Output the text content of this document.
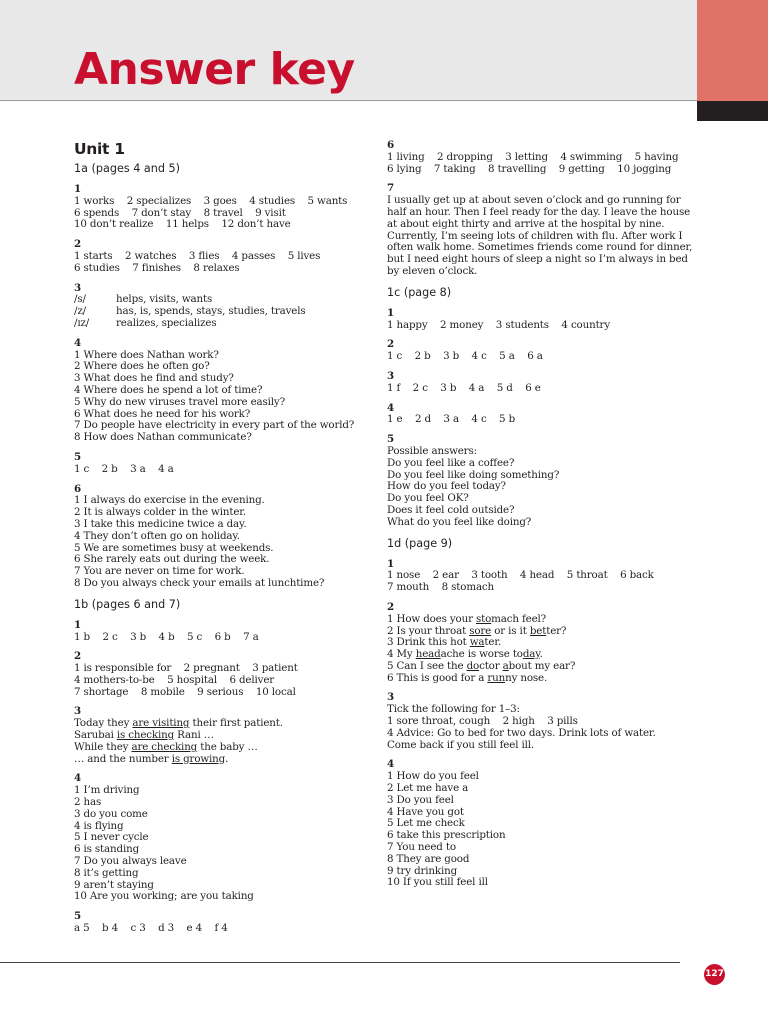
Answer key
Unit 1
1a (pages 4 and 5)
1
1 works    2 specializes    3 goes    4 studies    5 wants
6 spends    7 don’t stay    8 travel    9 visit
10 don’t realize    11 helps    12 don’t have
2
1 starts    2 watches    3 flies    4 passes    5 lives
6 studies    7 finishes    8 relaxes
3
/s/	helps, visits, wants
/z/	has, is, spends, stays, studies, travels
/ɪz/	realizes, specializes
4
1 Where does Nathan work?
2 Where does he often go?
3 What does he find and study?
4 Where does he spend a lot of time?
5 Why do new viruses travel more easily?
6 What does he need for his work?
7 Do people have electricity in every part of the world?
8 How does Nathan communicate?
5
1 c    2 b    3 a    4 a
6
1 I always do exercise in the evening.
2 It is always colder in the winter.
3 I take this medicine twice a day.
4 They don’t often go on holiday.
5 We are sometimes busy at weekends.
6 She rarely eats out during the week.
7 You are never on time for work.
8 Do you always check your emails at lunchtime?
1b (pages 6 and 7)
1
1 b    2 c    3 b    4 b    5 c    6 b    7 a
2
1 is responsible for    2 pregnant    3 patient
4 mothers-to-be    5 hospital    6 deliver
7 shortage    8 mobile    9 serious    10 local
3
Today they are visiting their first patient.
Sarubai is checking Rani …
While they are checking the baby …
… and the number is growing.
4
1 I’m driving
2 has
3 do you come
4 is flying
5 I never cycle
6 is standing
7 Do you always leave
8 it’s getting
9 aren’t staying
10 Are you working; are you taking
5
a 5    b 4    c 3    d 3    e 4    f 4
6
1 living    2 dropping    3 letting    4 swimming    5 having
6 lying    7 taking    8 travelling    9 getting    10 jogging
7
I usually get up at about seven o’clock and go running for
half an hour. Then I feel ready for the day. I leave the house
at about eight thirty and arrive at the hospital by nine.
Currently, I’m seeing lots of children with flu. After work I
often walk home. Sometimes friends come round for dinner,
but I need eight hours of sleep a night so I’m always in bed
by eleven o’clock.
1c (page 8)
1
1 happy    2 money    3 students    4 country
2
1 c    2 b    3 b    4 c    5 a    6 a
3
1 f    2 c    3 b    4 a    5 d    6 e
4
1 e    2 d    3 a    4 c    5 b
5
Possible answers:
Do you feel like a coffee?
Do you feel like doing something?
How do you feel today?
Do you feel OK?
Does it feel cold outside?
What do you feel like doing?
1d (page 9)
1
1 nose    2 ear    3 tooth    4 head    5 throat    6 back
7 mouth    8 stomach
2
1 How does your stomach feel?
2 Is your throat sore or is it better?
3 Drink this hot water.
4 My headache is worse today.
5 Can I see the doctor about my ear?
6 This is good for a runny nose.
3
Tick the following for 1–3:
1 sore throat, cough    2 high    3 pills
4 Advice: Go to bed for two days. Drink lots of water.
Come back if you still feel ill.
4
1 How do you feel
2 Let me have a
3 Do you feel
4 Have you got
5 Let me check
6 take this prescription
7 You need to
8 They are good
9 try drinking
10 If you still feel ill
127
